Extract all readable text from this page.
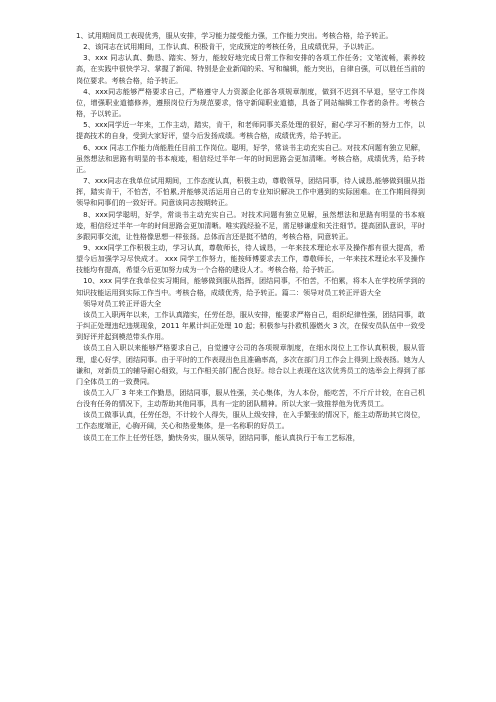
1、试用期间员工表现优秀，服从安排，学习能力接受能力强，工作能力突出。考核合格，给予转正。

2、该同志在试用期间，工作认真、积极肯干，完成预定的考核任务，且成绩优异，予以转正。

3、xxx 同志认真、勤恳、踏实、努力，能较好地完成日常工作和安排的各项工作任务；文笔流畅，素养较高，在实践中很快学习、掌握了新闻、特别是企业新闻的采、写和编辑，能力突出，自律自强，可以胜任当前的岗位要求。考核合格，给予转正。

4、xxx同志能够严格要求自己，严格遵守人力资源企化部各项规章制度，做到不迟到不早退，坚守工作岗位，增强职业道德修养，遵照岗位行为规范要求，恪守新闻职业道德，具备了网站编辑工作者的条件。考核合格，予以转正。

5、xxx同学近一年来，工作主动，踏实，肯干，和老师同事关系处理的很好，耐心学习不断的努力工作，以提高技术的自身，受到大家好评，望今后发扬成绩。考核合格，成绩优秀，给予转正。

6、xxx 同志工作能力尚能胜任目前工作岗位。聪明，好学，常谈书主动充实自己。对技术问题有独立见解，虽然想法和思路有明显的书本痕迹，相信经过半年一年的时间思路会更加清晰。考核合格，成绩优秀，给予转正。

7、xxx同志在我单位试用期间，工作态度认真，积极主动，尊敬领导，团结同事，待人诚恳,能够做到服从指挥，踏实肯干，不怕苦，不怕累,并能够灵活运用自己的专业知识解决工作中遇到的实际困难。在工作期间得到领导和同事们的一致好评。同意该同志按期转正。

8、xxx同学聪明，好学，常谈书主动充实自己。对技术问题有独立见解，虽然想法和思路有明显的书本痕迹，相信经过半年一年的时间思路会更加清晰。唯实践经验不足，需足够谦虚和关注细节。提高团队意识，平时多跟同事交流，让性格像思想一样张扬。总体而言还是挺不错的，考核合格，同意转正。

9、xxx同学工作积极主动，学习认真，尊敬师长，待人诚恳，一年来技术理论水平及操作都有很大提高，希望今后加强学习尽快成才。 xxx 同学工作努力，能按师傅要求去工作，尊敬师长，一年来技术理论水平及操作技能均有提高，希望今后更加努力成为一个合格的建设人才。考核合格，给予转正。

10、xxx 同学在我单位实习期间，能够做到服从指挥，团结同事，不怕苦，不怕累，将本人在学校所学到的知识技能运用到实际工作当中。考核合格，成绩优秀，给予转正。篇二：领导对员工转正评语大全

领导对员工转正评语大全

该员工入职两年以来，工作认真踏实，任劳任怨，服从安排，能要求严格自己，组织纪律性强，团结同事，敢于纠正处理违纪违规现象，2011 年累计纠正处理 10 起；积极参与扑救机器燃火 3 次，在保安员队伍中一致受到好评并起到模范带头作用。

该员工自入职以来能够严格要求自己，自觉遵守公司的各项规章制度，在细水岗位上工作认真积极，服从管理，虚心好学，团结同事。由于平时的工作表现出色且准确率高，多次在部门月工作会上得到上级表扬。她为人谦和，对新员工的辅导耐心细致，与工作相关部门配合良好。综合以上表现在这次优秀员工的选举会上得到了部门全体员工的一致费同。

该员工入厂 3 年来工作勤恳，团结同事，服从性强，关心集体，为人本份，能吃苦，不斤斤计较，在自己机台没有任务的情况下，主动帮助其他同事，具有一定的团队精神。所以大家一致推荐他为优秀员工。

该员工做事认真，任劳任怨，不计较个人得失，服从上级安排，在入手繁张的情况下，能主动帮助其它岗位，工作态度端正，心胸开阔，关心和热爱集体，是一名称职的好员工。

该员工在工作上任劳任怨，勤快务实，服从领导，团结同事，能认真执行于布工艺标准，
